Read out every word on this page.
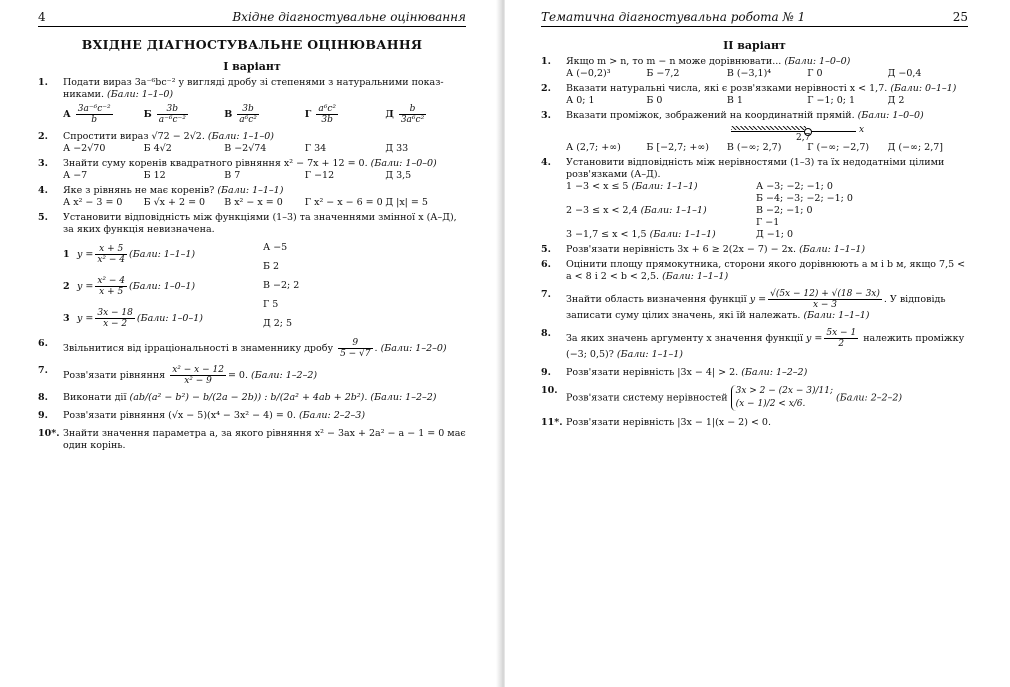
4	Вхідне діагностувальне оцінювання
ВХІДНЕ ДІАГНОСТУВАЛЬНЕ ОЦІНЮВАННЯ
І варіант
1. Подати вираз 3a⁻⁶bc⁻² у вигляді дробу зі степенями з натуральними показ-никами. (Бали: 1–1–0)
А $\frac{\text{3a⁻⁶c⁻²}}{b}$	Б $\frac{3b}{\text{a⁻⁶c⁻²}}$	В $\frac{3b}{\text{a⁶c²}}$	Г $\frac{\text{a⁶c²}}{3b}$	Д $\frac{b}{\text{3a⁶c²}}$
2. Спростити вираз √72 − 2√2. (Бали: 1–1–0)
А −2√70	Б 4√2	В −2√74	Г 34	Д 33
3. Знайти суму коренів квадратного рівняння x² − 7x + 12 = 0. (Бали: 1–0–0)
А −7	Б 12	В 7	Г −12	Д 3,5
4. Яке з рівнянь не має коренів? (Бали: 1–1–1)
А x² − 3 = 0	Б √x + 2 = 0	В x² − x = 0	Г x² − x − 6 = 0 Д |x| = 5
5. Установити відповідність між функціями (1–3) та значеннями змінної x (А–Д), за яких функція невизначена.
1 $y = \frac{x + 5}{\text{x² − 4}}$ (Бали: 1–1–1)
2 $y = \frac{\text{x² − 4}}{x + 5}$ (Бали: 1–0–1)
3 $y = \frac{3x - 18}{x - 2}$ (Бали: 1–0–1)
А −5
Б 2
В −2; 2
Г 5
Д 2; 5
6. Звільнитися від ірраціональності в знаменнику дробу $\frac{9}{5 - √7}$ . (Бали: 1–2–0)
7. Розв'язати рівняння $\frac{\text{x² − x − 12}}{\text{x² − 9}} = 0$. (Бали: 1–2–2)
8. Виконати дії (ab/(a² − b²) − b/(2a − 2b)) : b/(2a² + 4ab + 2b²). (Бали: 1–2–2)
9. Розв'язати рівняння (√x − 5)(x⁴ − 3x² − 4) = 0. (Бали: 2–2–3)
10*. Знайти значення параметра a, за якого рівняння x² − 3ax + 2a² − a − 1 = 0 має один корінь.
Тематична діагностувальна робота № 1	25
ІІ варіант
1. Якщо m > n, то m − n може дорівнювати... (Бали: 1–0–0)
А (−0,2)³	Б −7,2	В (−3,1)⁴	Г 0	Д −0,4
2. Вказати натуральні числа, які є розв'язками нерівності x < 1,7. (Бали: 0–1–1)
А 0; 1	Б 0	В 1	Г −1; 0; 1	Д 2
3. Вказати проміжок, зображений на координатній прямій. (Бали: 1–0–0)
2,7
x
А (2,7; +∞)	Б [−2,7; +∞)	В (−∞; 2,7)	Г (−∞; −2,7)	Д (−∞; 2,7]
4. Установити відповідність між нерівностями (1–3) та їх недодатніми цілими розв'язками (А–Д).
1 −3 < x ≤ 5 (Бали: 1–1–1)	А −3; −2; −1; 0
Б −4; −3; −2; −1; 0
2 −3 ≤ x < 2,4 (Бали: 1–1–1)	В −2; −1; 0
Г −1
3 −1,7 ≤ x < 1,5 (Бали: 1–1–1)	Д −1; 0
5. Розв'язати нерівність 3x + 6 ≥ 2(2x − 7) − 2x. (Бали: 1–1–1)
6. Оцінити площу прямокутника, сторони якого дорівнюють a м і b м, якщо 7,5 < a < 8 і 2 < b < 2,5. (Бали: 1–1–1)
7. Знайти область визначення функції $y = \frac{√(5x - 12) + √(18 - 3x)}{x - 3}$ . У відповідь записати суму цілих значень, які їй належать. (Бали: 1–1–1)
8. За яких значень аргументу x значення функції $y = \frac{5x - 1}{2}$ належить проміжку (−3; 0,5)? (Бали: 1–1–1)
9. Розв'язати нерівність |3x − 4| > 2. (Бали: 1–2–2)
10.
Розв'язати систему нерівностей 3x > 2 − (2x − 3)/11;
(x − 1)/2 < x/6. (Бали: 2–2–2)
11*. Розв'язати нерівність |3x − 1|(x − 2) < 0.
